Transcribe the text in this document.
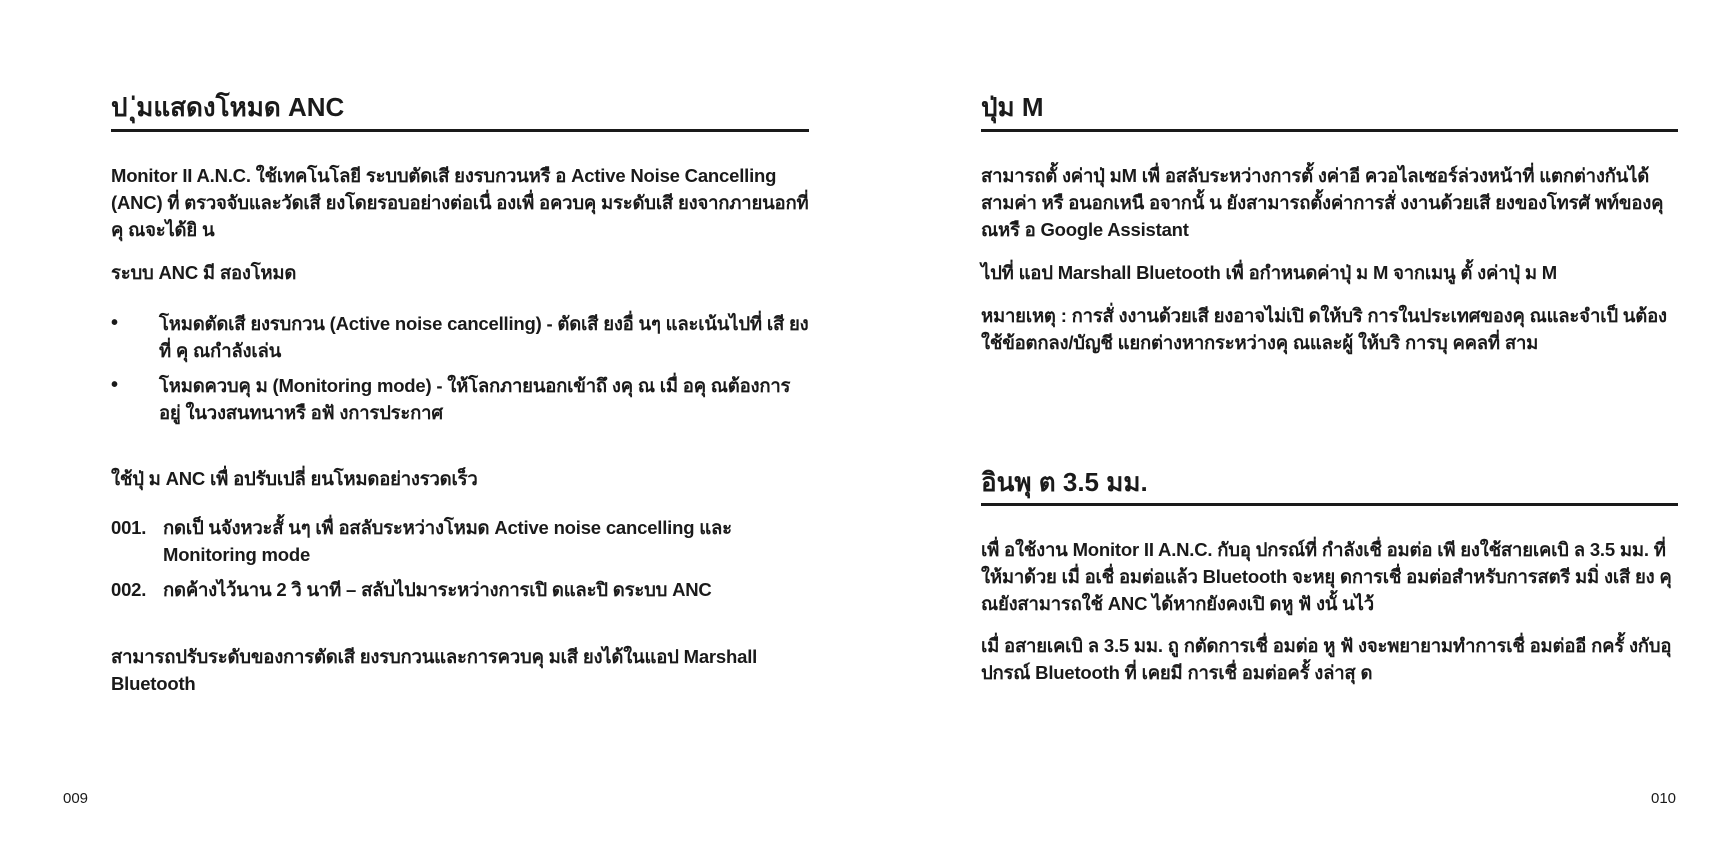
ป ุ่มแสดงโหมด ANC

Monitor II A.N.C. ใช้เทคโนโลยี ระบบตัดเสี ยงรบกวนหรื อ Active Noise Cancelling (ANC) ที่ ตรวจจับและวัดเสี ยงโดยรอบอย่างต่อเนื่ องเพื่ อควบคุ มระดับเสี ยงจากภายนอกที่ คุ ณจะได้ยิ น

ระบบ ANC มี สองโหมด

•	โหมดตัดเสี ยงรบกวน (Active noise cancelling) - ตัดเสี ยงอื่ นๆ และเน้นไปที่ เสี ยงที่ คุ ณกำลังเล่น
•	โหมดควบคุ ม (Monitoring mode) - ให้โลกภายนอกเข้าถึ งคุ ณ เมื่ อคุ ณต้องการอยู่ ในวงสนทนาหรื อฟั งการประกาศ

ใช้ปุ่ ม ANC เพื่ อปรับเปลี่ ยนโหมดอย่างรวดเร็ว

001. กดเป็ นจังหวะสั้ นๆ เพื่ อสลับระหว่างโหมด Active noise cancelling และ Monitoring mode
002. กดค้างไว้นาน 2 วิ นาที – สลับไปมาระหว่างการเปิ ดและปิ ดระบบ ANC

สามารถปรับระดับของการตัดเสี ยงรบกวนและการควบคุ มเสี ยงได้ในแอป Marshall Bluetooth

009
ปุ่ม M

สามารถตั้ งค่าปุ่ มM เพื่ อสลับระหว่างการตั้ งค่าอี ควอไลเซอร์ล่วงหน้าที่ แตกต่างกันได้สามค่า หรื อนอกเหนื อจากนั้ น ยังสามารถตั้งค่าการสั่ งงานด้วยเสี ยงของโทรศั พท์ของคุ ณหรื อ Google Assistant

ไปที่ แอป Marshall Bluetooth เพื่ อกำหนดค่าปุ่ ม M จากเมนู ตั้ งค่าปุ่ ม M

หมายเหตุ : การสั่ งงานด้วยเสี ยงอาจไม่เปิ ดให้บริ การในประเทศของคุ ณและจำเป็ นต้องใช้ข้อตกลง/บัญชี แยกต่างหากระหว่างคุ ณและผู้ ให้บริ การบุ คคลที่ สาม

อินพุ ต 3.5 มม.

เพื่ อใช้งาน Monitor II A.N.C. กับอุ ปกรณ์ที่ กำลังเชื่ อมต่อ เพี ยงใช้สายเคเบิ ล 3.5 มม. ที่ ให้มาด้วย เมื่ อเชื่ อมต่อแล้ว Bluetooth จะหยุ ดการเชื่ อมต่อสำหรับการสตรี มมิ่ งเสี ยง คุ ณยังสามารถใช้ ANC ได้หากยังคงเปิ ดหู ฟั งนั้ นไว้

เมื่ อสายเคเบิ ล 3.5 มม. ถู กตัดการเชื่ อมต่อ หู ฟั งจะพยายามทำการเชื่ อมต่ออี กครั้ งกับอุ ปกรณ์ Bluetooth ที่ เคยมี การเชื่ อมต่อครั้ งล่าสุ ด

010
